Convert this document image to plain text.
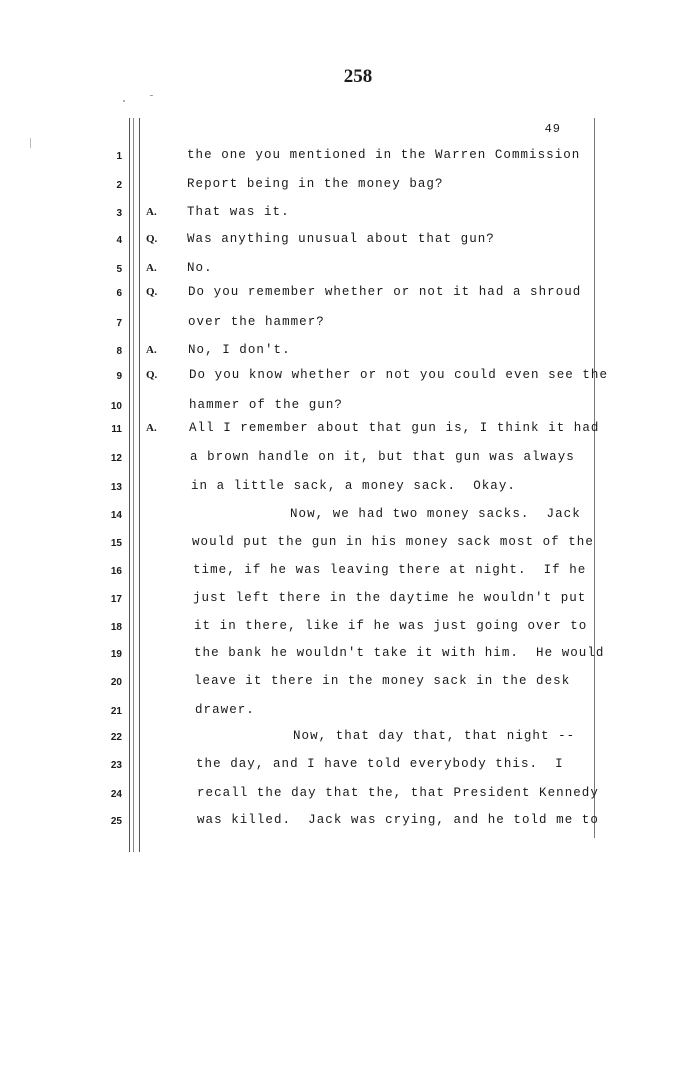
258
49
1	the one you mentioned in the Warren Commission
2	Report being in the money bag?
3 A. That was it.
4 Q. Was anything unusual about that gun?
5 A. No.
6 Q. Do you remember whether or not it had a shroud
7	over the hammer?
8 A.	No, I don't.
9 Q.	Do you know whether or not you could even see the
10	hammer of the gun?
11 A.	All I remember about that gun is, I think it had
12	a brown handle on it, but that gun was always
13	in a little sack, a money sack.  Okay.
14	Now, we had two money sacks.  Jack
15	would put the gun in his money sack most of the
16	time, if he was leaving there at night.  If he
17	just left there in the daytime he wouldn't put
18	it in there, like if he was just going over to
19	the bank he wouldn't take it with him.  He would
20	leave it there in the money sack in the desk
21	drawer.
22	Now, that day that, that night --
23	the day, and I have told everybody this.  I
24	recall the day that the, that President Kennedy
25	was killed.  Jack was crying, and he told me to
